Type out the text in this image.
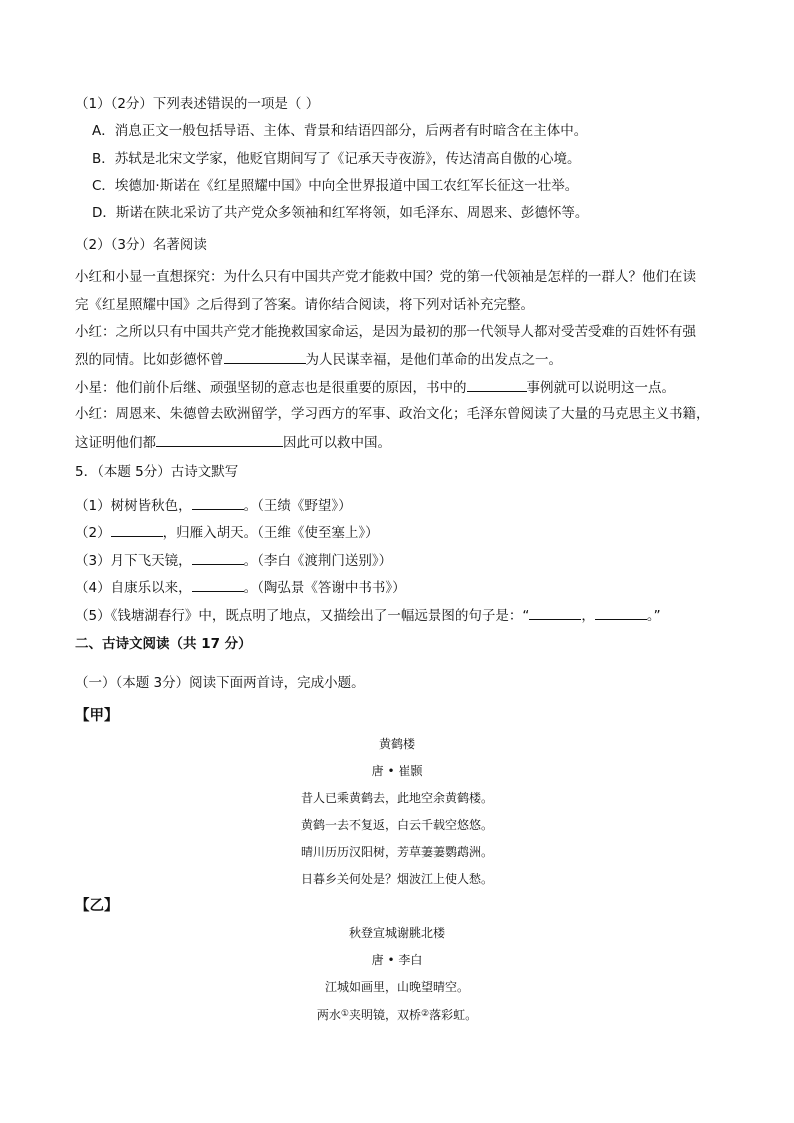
（1）（2分）下列表述错误的一项是（ ）
A．消息正文一般包括导语、主体、背景和结语四部分，后两者有时暗含在主体中。
B．苏轼是北宋文学家，他贬官期间写了《记承天寺夜游》，传达清高自傲的心境。
C．埃德加·斯诺在《红星照耀中国》中向全世界报道中国工农红军长征这一壮举。
D．斯诺在陕北采访了共产党众多领袖和红军将领，如毛泽东、周恩来、彭德怀等。
（2）（3分）名著阅读
小红和小显一直想探究：为什么只有中国共产党才能救中国？党的第一代领袖是怎样的一群人？他们在读
完《红星照耀中国》之后得到了答案。请你结合阅读，将下列对话补充完整。
小红：之所以只有中国共产党才能挽救国家命运，是因为最初的那一代领导人都对受苦受难的百姓怀有强
烈的同情。比如彭德怀曾	为人民谋幸福，是他们革命的出发点之一。
小星：他们前仆后继、顽强坚韧的意志也是很重要的原因，书中的	事例就可以说明这一点。
小红：周恩来、朱德曾去欧洲留学，学习西方的军事、政治文化；毛泽东曾阅读了大量的马克思主义书籍，
这证明他们都	因此可以救中国。
5．（本题 5分）古诗文默写
（1）树树皆秋色，	。（王绩《野望》）
（2）	，归雁入胡天。（王维《使至塞上》）
（3）月下飞天镜，	。（李白《渡荆门送别》）
（4）自康乐以来，	。（陶弘景《答谢中书书》）
（5）《钱塘湖春行》中，既点明了地点，又描绘出了一幅远景图的句子是：“	，	。”
二、古诗文阅读（共 17 分）
（一）（本题 3分）阅读下面两首诗，完成小题。
【甲】
黄鹤楼
唐 • 崔颢
昔人已乘黄鹤去，此地空余黄鹤楼。
黄鹤一去不复返，白云千载空悠悠。
晴川历历汉阳树，芳草萋萋鹦鹉洲。
日暮乡关何处是？烟波江上使人愁。
【乙】
秋登宣城谢脁北楼
唐 • 李白
江城如画里，山晚望晴空。
两水①夹明镜，双桥②落彩虹。
